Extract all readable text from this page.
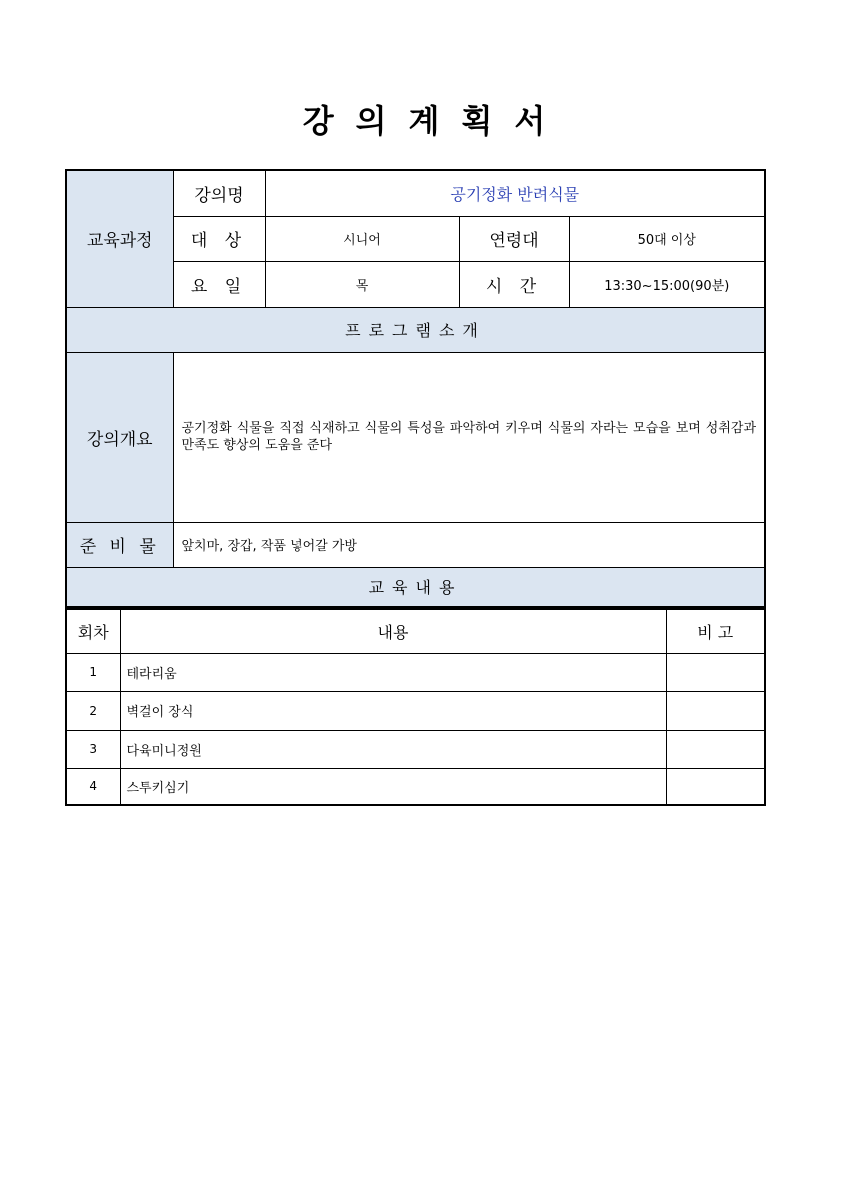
강의계획서
교육과정	강의명	공기정화 반려식물		
	대 상	시니어	연령대	50대 이상
	요 일	목	시 간	13:30~15:00(90분)
프로그램소개				
강의개요	공기정화 식물을 직접 식재하고 식물의 특성을 파악하여 키우며 식물의 자라는 모습을 보며 성취감과 만족도 향상의 도움을 준다			
준 비 물	앞치마, 장갑, 작품 넣어갈 가방			
교육내용				
회차	내용	비 고
1	테라리움	
2	벽걸이 장식	
3	다육미니정원	
4	스투키심기	
